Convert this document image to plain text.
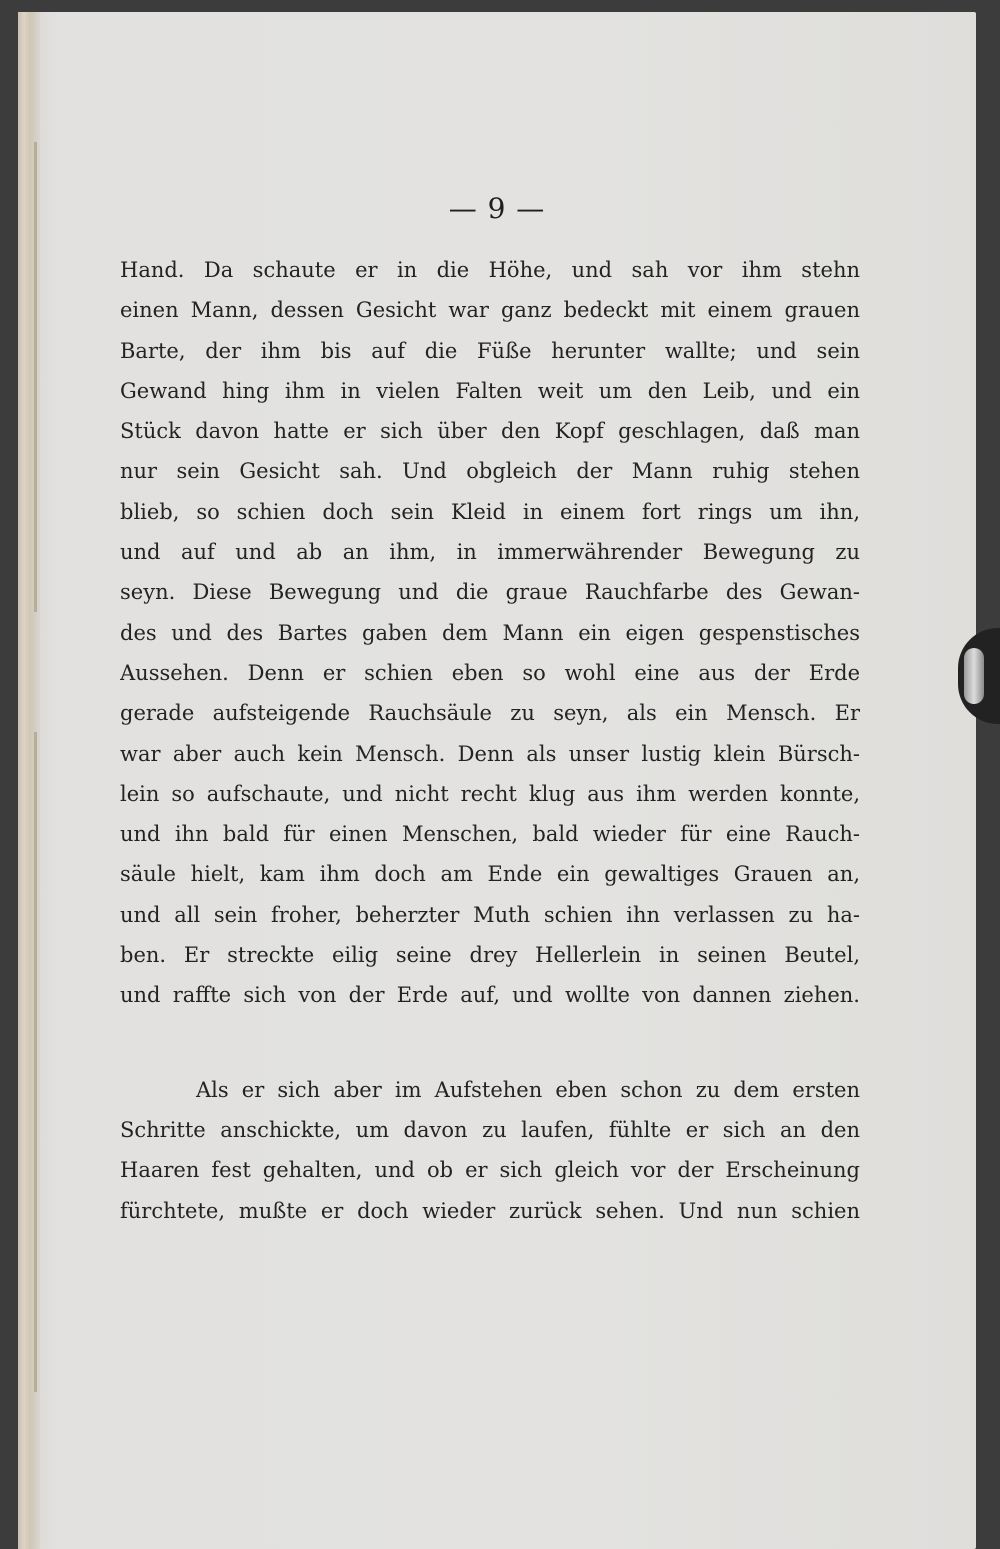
— 9 —
Hand. Da schaute er in die Höhe, und sah vor ihm stehn
einen Mann, dessen Gesicht war ganz bedeckt mit einem grauen
Barte, der ihm bis auf die Füße herunter wallte; und sein
Gewand hing ihm in vielen Falten weit um den Leib, und ein
Stück davon hatte er sich über den Kopf geschlagen, daß man
nur sein Gesicht sah. Und obgleich der Mann ruhig stehen
blieb, so schien doch sein Kleid in einem fort rings um ihn,
und auf und ab an ihm, in immerwährender Bewegung zu
seyn. Diese Bewegung und die graue Rauchfarbe des Gewan-
des und des Bartes gaben dem Mann ein eigen gespenstisches
Aussehen. Denn er schien eben so wohl eine aus der Erde
gerade aufsteigende Rauchsäule zu seyn, als ein Mensch. Er
war aber auch kein Mensch. Denn als unser lustig klein Bürsch-
lein so aufschaute, und nicht recht klug aus ihm werden konnte,
und ihn bald für einen Menschen, bald wieder für eine Rauch-
säule hielt, kam ihm doch am Ende ein gewaltiges Grauen an,
und all sein froher, beherzter Muth schien ihn verlassen zu ha-
ben. Er streckte eilig seine drey Hellerlein in seinen Beutel,
und raffte sich von der Erde auf, und wollte von dannen ziehen.
Als er sich aber im Aufstehen eben schon zu dem ersten
Schritte anschickte, um davon zu laufen, fühlte er sich an den
Haaren fest gehalten, und ob er sich gleich vor der Erscheinung
fürchtete, mußte er doch wieder zurück sehen. Und nun schien
